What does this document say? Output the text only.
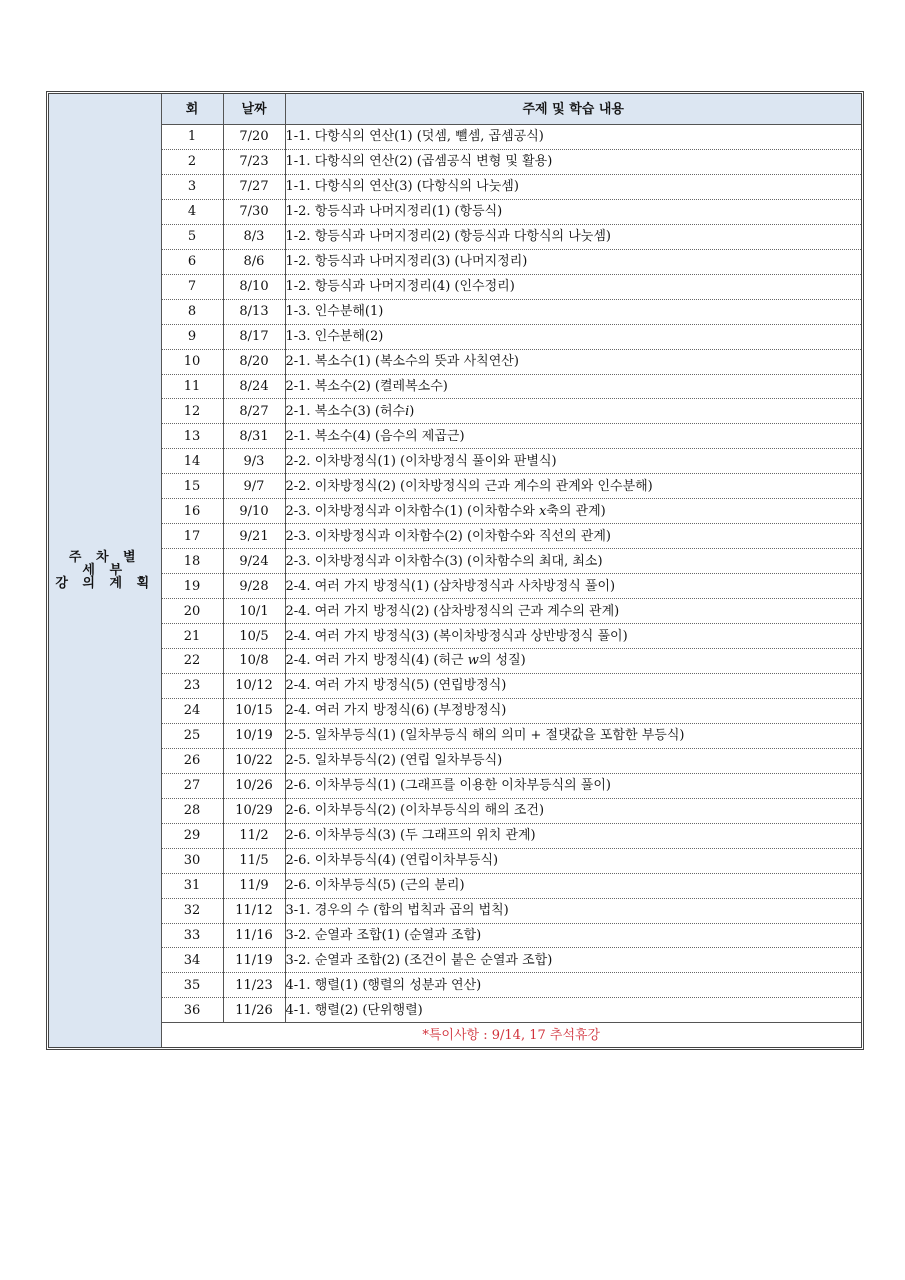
주 차 별
세 부
강 의 계 획	회	날짜	주제 및 학습 내용
	1	7/20	1-1. 다항식의 연산(1) (덧셈, 뺄셈, 곱셈공식)
	2	7/23	1-1. 다항식의 연산(2) (곱셈공식 변형 및 활용)
	3	7/27	1-1. 다항식의 연산(3) (다항식의 나눗셈)
	4	7/30	1-2. 항등식과 나머지정리(1) (항등식)
	5	8/3	1-2. 항등식과 나머지정리(2) (항등식과 다항식의 나눗셈)
	6	8/6	1-2. 항등식과 나머지정리(3) (나머지정리)
	7	8/10	1-2. 항등식과 나머지정리(4) (인수정리)
	8	8/13	1-3. 인수분해(1)
	9	8/17	1-3. 인수분해(2)
	10	8/20	2-1. 복소수(1) (복소수의 뜻과 사칙연산)
	11	8/24	2-1. 복소수(2) (켤레복소수)
	12	8/27	2-1. 복소수(3) (허수𝑖)
	13	8/31	2-1. 복소수(4) (음수의 제곱근)
	14	9/3	2-2. 이차방정식(1) (이차방정식 풀이와 판별식)
	15	9/7	2-2. 이차방정식(2) (이차방정식의 근과 계수의 관계와 인수분해)
	16	9/10	2-3. 이차방정식과 이차함수(1) (이차함수와 𝑥축의 관계)
	17	9/21	2-3. 이차방정식과 이차함수(2) (이차함수와 직선의 관계)
	18	9/24	2-3. 이차방정식과 이차함수(3) (이차함수의 최대, 최소)
	19	9/28	2-4. 여러 가지 방정식(1) (삼차방정식과 사차방정식 풀이)
	20	10/1	2-4. 여러 가지 방정식(2) (삼차방정식의 근과 계수의 관계)
	21	10/5	2-4. 여러 가지 방정식(3) (복이차방정식과 상반방정식 풀이)
	22	10/8	2-4. 여러 가지 방정식(4) (허근 𝑤의 성질)
	23	10/12	2-4. 여러 가지 방정식(5) (연립방정식)
	24	10/15	2-4. 여러 가지 방정식(6) (부정방정식)
	25	10/19	2-5. 일차부등식(1) (일차부등식 해의 의미 + 절댓값을 포함한 부등식)
	26	10/22	2-5. 일차부등식(2) (연립 일차부등식)
	27	10/26	2-6. 이차부등식(1) (그래프를 이용한 이차부등식의 풀이)
	28	10/29	2-6. 이차부등식(2) (이차부등식의 해의 조건)
	29	11/2	2-6. 이차부등식(3) (두 그래프의 위치 관계)
	30	11/5	2-6. 이차부등식(4) (연립이차부등식)
	31	11/9	2-6. 이차부등식(5) (근의 분리)
	32	11/12	3-1. 경우의 수 (합의 법칙과 곱의 법칙)
	33	11/16	3-2. 순열과 조합(1) (순열과 조합)
	34	11/19	3-2. 순열과 조합(2) (조건이 붙은 순열과 조합)
	35	11/23	4-1. 행렬(1) (행렬의 성분과 연산)
	36	11/26	4-1. 행렬(2) (단위행렬)
	*특이사항 : 9/14, 17 추석휴강		
